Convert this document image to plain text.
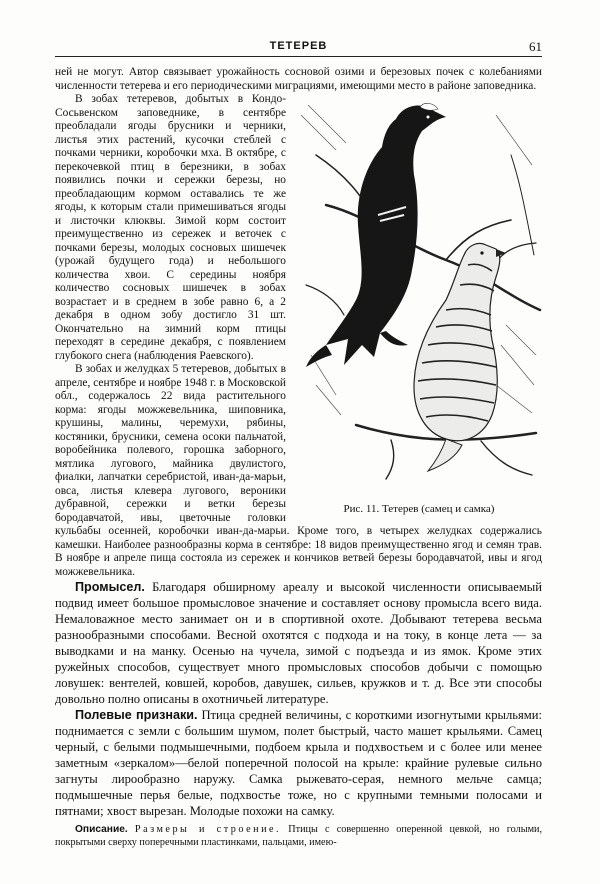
ТЕТЕРЕВ	61

ней не могут. Автор связывает урожайность сосновой озими и березовых почек с колебаниями численности тетерева и его периодическими миграциями, имеющими место в районе заповедника.

Рис. 11. Тетерев (самец и самка)

В зобах тетеревов, добытых в Кондо-Сосьвенском заповеднике, в сентябре преобладали ягоды брусники и черники, листья этих растений, кусочки стеблей с почками черники, коробочки мха. В октябре, с перекочевкой птиц в березники, в зобах появились почки и сережки березы, но преобладающим кормом оставались те же ягоды, к которым стали примешиваться ягоды и листочки клюквы. Зимой корм состоит преимущественно из сережек и веточек с почками березы, молодых сосновых шишечек (урожай будущего года) и небольшого количества хвои. С середины ноября количество сосновых шишечек в зобах возрастает и в среднем в зобе равно 6, а 2 декабря в одном зобу достигло 31 шт. Окончательно на зимний корм птицы переходят в середине декабря, с появлением глубокого снега (наблюдения Раевского).

В зобах и желудках 5 тетеревов, добытых в апреле, сентябре и ноябре 1948 г. в Московской обл., содержалось 22 вида растительного корма: ягоды можжевельника, шиповника, крушины, малины, черемухи, рябины, костяники, брусники, семена осоки пальчатой, воробейника полевого, горошка заборного, мятлика лугового, майника двулистого, фиалки, лапчатки серебристой, иван-да-марьи, овса, листья клевера лугового, вероники дубравной, сережки и ветки березы бородавчатой, ивы, цветочные головки кульбабы осенней, коробочки иван-да-марьи. Кроме того, в четырех желудках содержались камешки. Наиболее разнообразны корма в сентябре: 18 видов преимущественно ягод и семян трав. В ноябре и апреле пища состояла из сережек и кончиков ветвей березы бородавчатой, ивы и ягод можжевельника.

Промысел. Благодаря обширному ареалу и высокой численности описываемый подвид имеет большое промысловое значение и составляет основу промысла всего вида. Немаловажное место занимает он и в спортивной охоте. Добывают тетерева весьма разнообразными способами. Весной охотятся с подхода и на току, в конце лета — за выводками и на манку. Осенью на чучела, зимой с подъезда и из ямок. Кроме этих ружейных способов, существует много промысловых способов добычи с помощью ловушек: вентелей, ковшей, коробов, давушек, сильев, кружков и т. д. Все эти способы довольно полно описаны в охотничьей литературе.

Полевые признаки. Птица средней величины, с короткими изогнутыми крыльями: поднимается с земли с большим шумом, полет быстрый, часто машет крыльями. Самец черный, с белыми подмышечными, подбоем крыла и подхвостьем и с более или менее заметным «зеркалом»—белой поперечной полосой на крыле: крайние рулевые сильно загнуты лирообразно наружу. Самка рыжевато-серая, немного мельче самца; подмышечные перья белые, подхвостье тоже, но с крупными темными полосами и пятнами; хвост вырезан. Молодые похожи на самку.

Описание. Размеры и строение. Птицы с совершенно оперенной цевкой, но голыми, покрытыми сверху поперечными пластинками, пальцами, имею-
